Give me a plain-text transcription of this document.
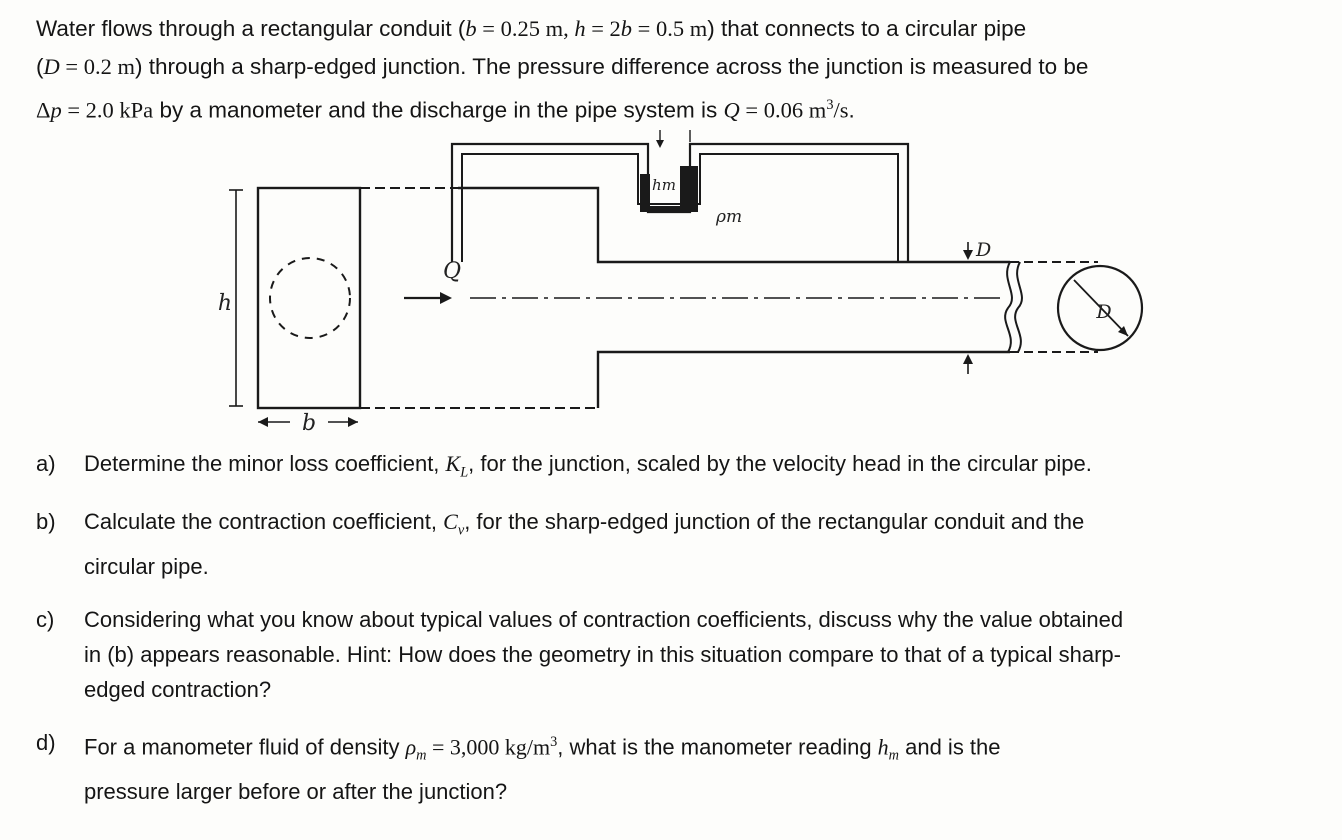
Water flows through a rectangular conduit (b = 0.25 m, h = 2b = 0.5 m) that connects to a circular pipe
(D = 0.2 m) through a sharp-edged junction. The pressure difference across the junction is measured to be
Δp = 2.0 kPa by a manometer and the discharge in the pipe system is Q = 0.06 $m^3/s$.
h
b
Q
hm
ρm
D
D
a) Determine the minor loss coefficient, $K_L$, for the junction, scaled by the velocity head in the circular pipe.
b) Calculate the contraction coefficient, $C_v$, for the sharp-edged junction of the rectangular conduit and the
circular pipe.
c) Considering what you know about typical values of contraction coefficients, discuss why the value obtained
in (b) appears reasonable. Hint: How does the geometry in this situation compare to that of a typical sharp-
edged contraction?
d) For a manometer fluid of density $\rho_m = 3,000$ $kg/m^3$, what is the manometer reading $h_m$ and is the
pressure larger before or after the junction?
